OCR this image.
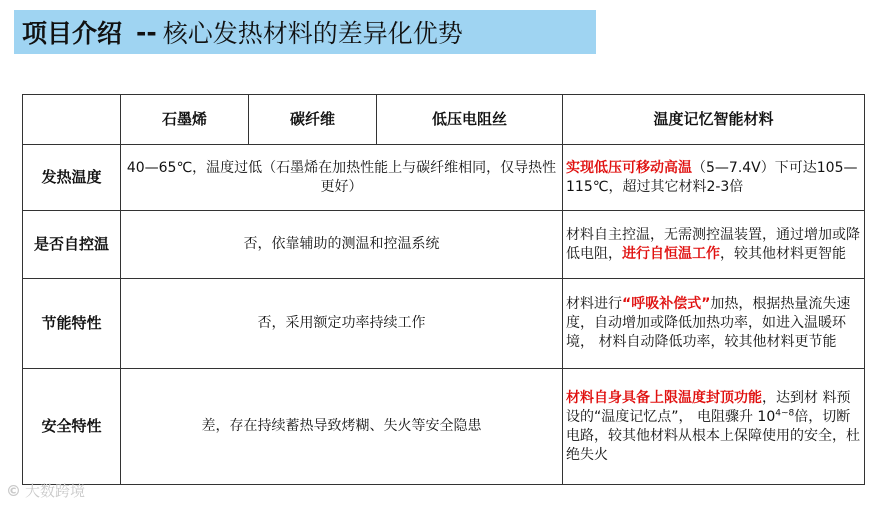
项目介绍 -- 核心发热材料的差异化优势
	石墨烯	碳纤维	低压电阻丝	温度记忆智能材料
发热温度	40—65℃，温度过低（石墨烯在加热性能上与碳纤维相同，仅导热性更好）			实现低压可移动高温（5—7.4V）下可达105—115℃，超过其它材料2-3倍
是否自控温	否，依靠辅助的测温和控温系统			材料自主控温，无需测控温装置，通过增加或降低电阻，进行自恒温工作，较其他材料更智能
节能特性	否，采用额定功率持续工作			材料进行“呼吸补偿式”加热，根据热量流失速度，自动增加或降低加热功率，如进入温暖环境， 材料自动降低功率，较其他材料更节能
安全特性	差，存在持续蓄热导致烤糊、失火等安全隐患			材料自身具备上限温度封顶功能，达到材 料预设的“温度记忆点”， 电阻骤升 $10^{4\sim 8}$倍，切断电路，较其他材料从根本上保障使用的安全，杜绝失火
© 大数跨境
